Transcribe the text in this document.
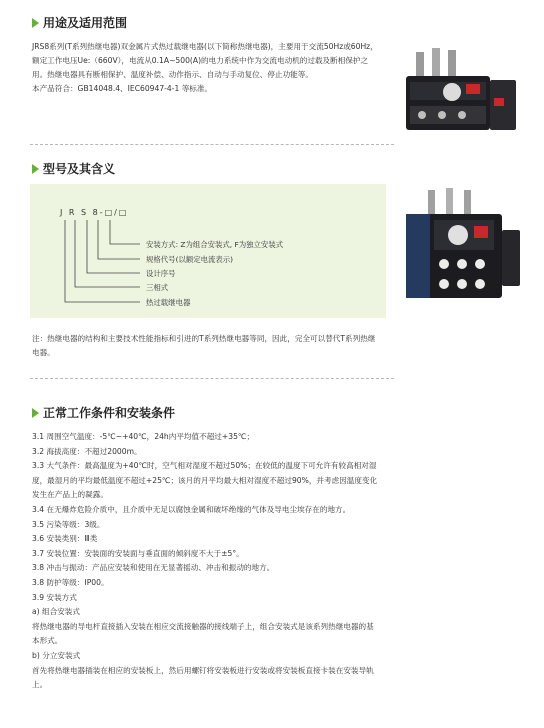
用途及适用范围
JRS8系列(T系列热继电器)双金属片式热过载继电器(以下简称热继电器)，主要用于交流50Hz或60Hz，额定工作电压Ue:（660V），电流从0.1A~500(A)的电力系统中作为交流电动机的过载及断相保护之用。热继电器具有断相保护、温度补偿、动作指示、自动与手动复位、停止功能等。
本产品符合：GB14048.4、IEC60947-4-1 等标准。
型号及其含义
J R S 8-□/□
安装方式: Z为组合安装式, F为独立安装式
规格代号(以额定电流表示)
设计序号
三相式
热过载继电器
注：热继电器的结构和主要技术性能指标和引进的T系列热继电器等同，因此，完全可以替代T系列热继电器。
正常工作条件和安装条件
3.1 周围空气温度：-5℃~+40℃，24h内平均值不超过+35℃；
3.2 海拔高度：不超过2000m。
3.3 大气条件：最高温度为+40℃时，空气相对湿度不超过50%；在较低的温度下可允许有较高相对湿度，最湿月的平均最低温度不超过+25℃；该月的月平均最大相对湿度不超过90%，并考虑因温度变化发生在产品上的凝露。
3.4 在无爆炸危险介质中，且介质中无足以腐蚀金属和破坏绝缘的气体及导电尘埃存在的地方。
3.5 污染等级：3级。
3.6 安装类别：Ⅲ类
3.7 安装位置：安装面的安装面与垂直面的倾斜度不大于±5°。
3.8 冲击与振动：产品应安装和使用在无显著摇动、冲击和振动的地方。
3.8 防护等级：IP00。
3.9 安装方式
a) 组合安装式
将热继电器的导电杆直接插入安装在相应交流接触器的接线端子上，组合安装式是该系列热继电器的基本形式。
b) 分立安装式
首先将热继电器插装在相应的安装板上，然后用螺钉将安装板进行安装或将安装板直接卡装在安装导轨上。
